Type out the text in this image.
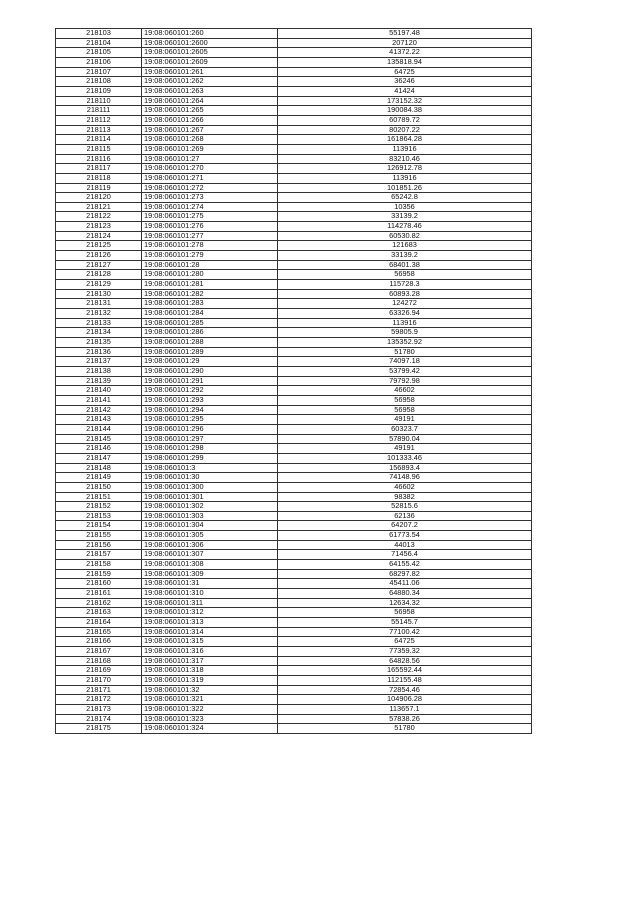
218103	19:08:060101:260	55197.48
218104	19:08:060101:2600	207120
218105	19:08:060101:2605	41372.22
218106	19:08:060101:2609	135818.94
218107	19:08:060101:261	64725
218108	19:08:060101:262	36246
218109	19:08:060101:263	41424
218110	19:08:060101:264	173152.32
218111	19:08:060101:265	190084.38
218112	19:08:060101:266	60789.72
218113	19:08:060101:267	80207.22
218114	19:08:060101:268	161864.28
218115	19:08:060101:269	113916
218116	19:08:060101:27	83210.46
218117	19:08:060101:270	126912.78
218118	19:08:060101:271	113916
218119	19:08:060101:272	101851.26
218120	19:08:060101:273	65242.8
218121	19:08:060101:274	10356
218122	19:08:060101:275	33139.2
218123	19:08:060101:276	114278.46
218124	19:08:060101:277	60530.82
218125	19:08:060101:278	121683
218126	19:08:060101:279	33139.2
218127	19:08:060101:28	68401.38
218128	19:08:060101:280	56958
218129	19:08:060101:281	115728.3
218130	19:08:060101:282	60893.28
218131	19:08:060101:283	124272
218132	19:08:060101:284	63326.94
218133	19:08:060101:285	113916
218134	19:08:060101:286	59805.9
218135	19:08:060101:288	135352.92
218136	19:08:060101:289	51780
218137	19:08:060101:29	74097.18
218138	19:08:060101:290	53799.42
218139	19:08:060101:291	79792.98
218140	19:08:060101:292	46602
218141	19:08:060101:293	56958
218142	19:08:060101:294	56958
218143	19:08:060101:295	49191
218144	19:08:060101:296	60323.7
218145	19:08:060101:297	57890.04
218146	19:08:060101:298	49191
218147	19:08:060101:299	101333.46
218148	19:08:060101:3	156893.4
218149	19:08:060101:30	74148.96
218150	19:08:060101:300	46602
218151	19:08:060101:301	98382
218152	19:08:060101:302	52815.6
218153	19:08:060101:303	62136
218154	19:08:060101:304	64207.2
218155	19:08:060101:305	61773.54
218156	19:08:060101:306	44013
218157	19:08:060101:307	71456.4
218158	19:08:060101:308	64155.42
218159	19:08:060101:309	68297.82
218160	19:08:060101:31	45411.06
218161	19:08:060101:310	64880.34
218162	19:08:060101:311	12634.32
218163	19:08:060101:312	56958
218164	19:08:060101:313	55145.7
218165	19:08:060101:314	77100.42
218166	19:08:060101:315	64725
218167	19:08:060101:316	77359.32
218168	19:08:060101:317	64828.56
218169	19:08:060101:318	165592.44
218170	19:08:060101:319	112155.48
218171	19:08:060101:32	72854.46
218172	19:08:060101:321	104906.28
218173	19:08:060101:322	113657.1
218174	19:08:060101:323	57838.26
218175	19:08:060101:324	51780
